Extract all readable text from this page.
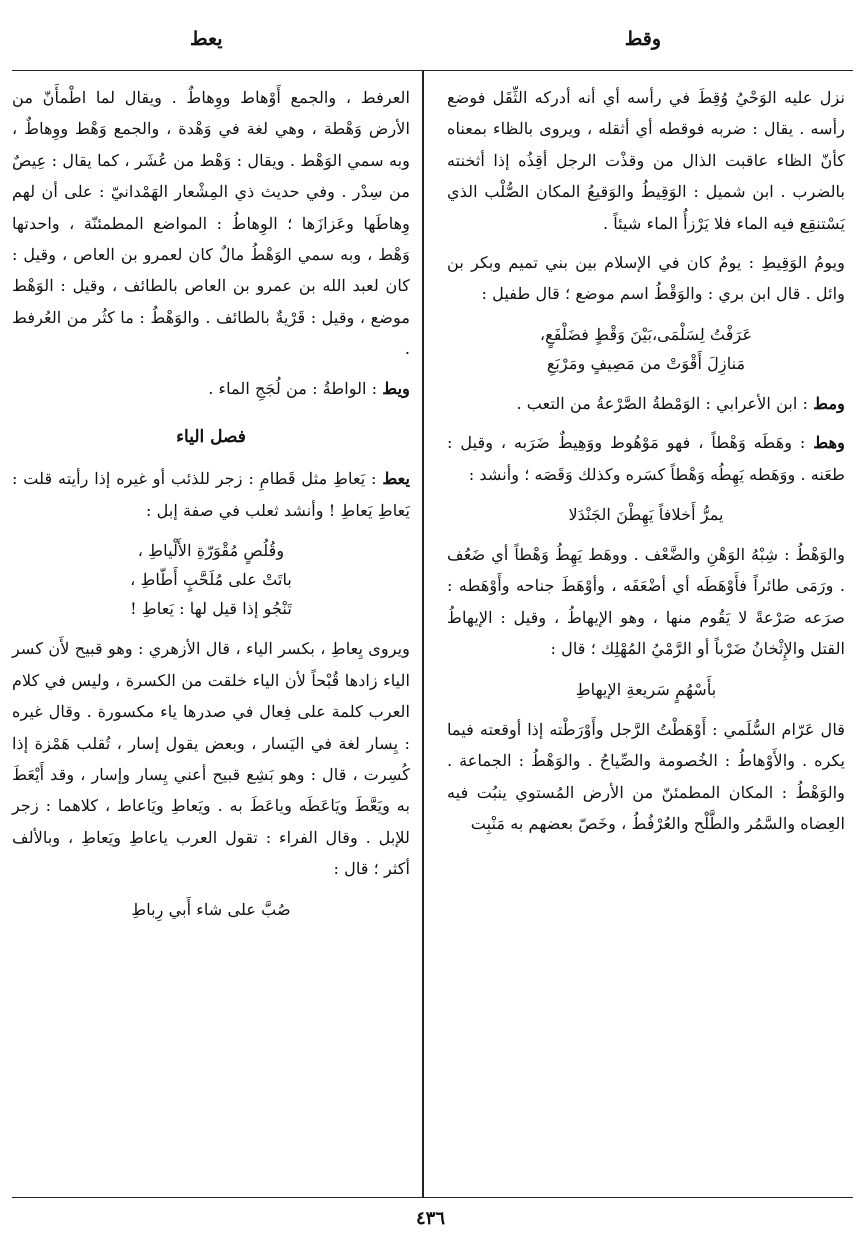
وقط
يعط

نزل عليه الوَحْيُ وُقِطَ في رأسه أي أنه أدركه الثِّقَل فوضع رأسه . يقال : ضربه فوقطه أي أثقله ، ويروى بالظاء بمعناه كأنّ الظاء عاقبت الذال من وقذْت الرجل أقِذُه إذا أثخنته بالضرب . ابن شميل : الوَقِيطُ والوَقيعُ المكان الصُّلْب الذي يَسْتنقِع فيه الماء فلا يَرْزأُ الماء شيئاً .

ويومُ الوَقِيطِ : يومٌ كان في الإسلام بين بني تميم وبكر بن وائل . قال ابن بري : والوَقْطُ اسم موضع ؛ قال طفيل :

عَرَفْتُ لِسَلْمَى،بَيْنَ وَقْطٍ فضَلْفَعٍ،
مَنازِلَ أَقْوَتْ من مَصِيفٍ ومَرْبَعِ

ومط : ابن الأعرابي : الوَمْطةُ الصَّرْعةُ من التعب .

وهط : وهَطَه وَهْطاً ، فهو مَوْهُوط ووَهِيطٌ ضَرَبه ، وقيل : طعَنه . ووَهَطه يَهِطُه وَهْطاً كسَره وكذلك وَقَصَه ؛ وأنشد :

يمرُّ أَخلافاً يَهِطْنَ الجَنْدَلا

والوَهْطُ : شِبْهُ الوَهْنِ والضَّعْف . ووهَط يَهِطُ وَهْطاً أي ضَعُف . ورَمَى طائراً فأَوْهَطَه أي أضْعَفَه ، وأوْهَطَ جناحه وأَوْهَطه : صرَعه صَرْعةً لا يَقُوم منها ، وهو الإيهاطُ ، وقيل : الإيهاطُ القتل والإِثْخانُ ضَرْباً أو الرَّمْيُ المُهْلِك ؛ قال :

بأَسْهُمٍ سَريعةِ الإيهاطِ

قال عَرّام السُّلَمي : أَوْهَطْتُ الرَّجل وأَوْرَطْته إذا أوقعته فيما يكره . والأَوْهاطُ : الخُصومة والصِّياحُ . والوَهْطُ : الجماعة . والوَهْطُ : المكان المطمئنّ من الأرض المُستوي ينبُت فيه العِضاه والسَّمُر والطَّلْح والعُرْفُطُ ، وخَصّ بعضهم به مَنْبِت

العرفط ، والجمع أَوْهاط ووِهاطٌ . ويقال لما اطْمأَنّ من الأرض وَهْطة ، وهي لغة في وَهْدة ، والجمع وَهْط ووِهاطٌ ، وبه سمي الوَهْط . ويقال : وَهْط من عُشَر ، كما يقال : عِيصٌ من سِدْر . وفي حديث ذي المِشْعار الهَمْدانيّ : على أن لهم وِهاطَها وعَزازَها ؛ الوِهاطُ : المواضع المطمئنّة ، واحدتها وَهْط ، وبه سمي الوَهْطُ مالٌ كان لعمرو بن العاص ، وقيل : كان لعبد الله بن عمرو بن العاص بالطائف ، وقيل : الوَهْط موضع ، وقيل : قَرْيةٌ بالطائف . والوَهْطُ : ما كثُر من العُرفط .

ويط : الواطةُ : من لُجَجِ الماء .

فصل الياء

يعط : يَعاطِ مثل قَطامِ : زجر للذئب أو غيره إذا رأيته قلت : يَعاطِ يَعاطِ ! وأنشد ثعلب في صفة إبل :

وقُلُصٍ مُقْوَرّةِ الأَلْياطِ ،
باتَتْ على مُلَحَّبٍ أَطّاطِ ،
تَنْجُو إذا قيل لها : يَعاطِ !

ويروى يِعاطِ ، بكسر الياء ، قال الأزهري : وهو قبيح لأَن كسر الياء زادها قُبْحاً لأن الياء خلقت من الكسرة ، وليس في كلام العرب كلمة على فِعال في صدرها ياء مكسورة . وقال غيره : يِسار لغة في اليَسار ، وبعض يقول إسار ، تُقلب هَمْزة إذا كُسِرت ، قال : وهو بَشِع قبيح أعني يِسار وإسار ، وقد أَيْعَطَ به ويَعَّطَ ويَاعَطَه وياعَطَ به . ويَعاطِ ويَاعاط ، كلاهما : زجر للإبل . وقال الفراء : تقول العرب ياعاطِ ويَعاطِ ، وبالألف أكثر ؛ قال :

صُبَّ على شاء أَبي رِباطِ
٤٣٦
